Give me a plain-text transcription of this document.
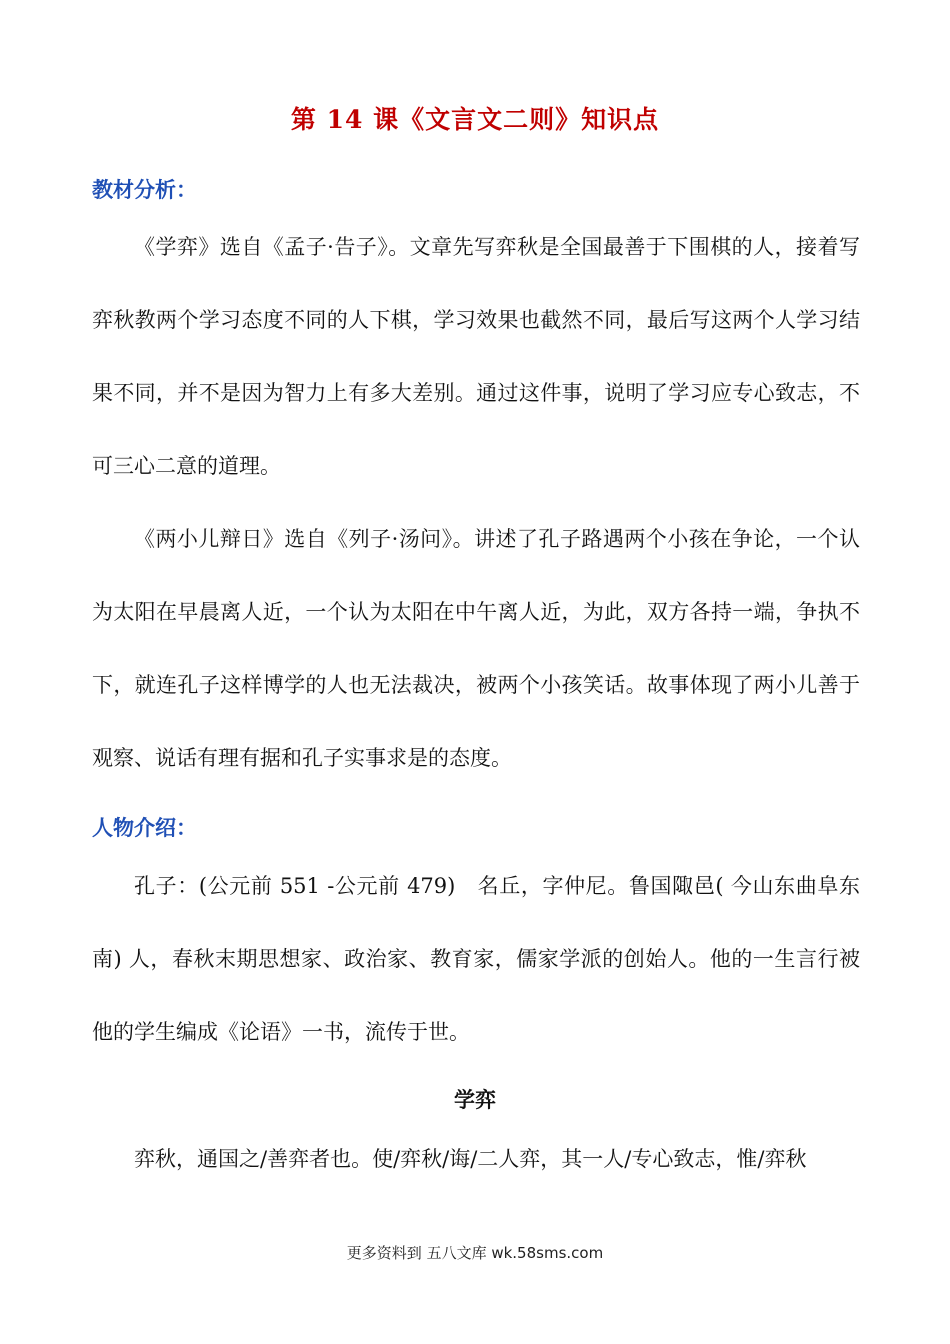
第 14 课《文言文二则》知识点
教材分析：
《学弈》选自《孟子·告子》。文章先写弈秋是全国最善于下围棋的人，接着写弈秋教两个学习态度不同的人下棋，学习效果也截然不同，最后写这两个人学习结果不同，并不是因为智力上有多大差别。通过这件事，说明了学习应专心致志，不可三心二意的道理。
《两小儿辩日》选自《列子·汤问》。讲述了孔子路遇两个小孩在争论，一个认为太阳在早晨离人近，一个认为太阳在中午离人近，为此，双方各持一端，争执不下，就连孔子这样博学的人也无法裁决，被两个小孩笑话。故事体现了两小儿善于观察、说话有理有据和孔子实事求是的态度。
人物介绍：
孔子：(公元前 551 -公元前 479)　名丘，字仲尼。鲁国陬邑( 今山东曲阜东南) 人，春秋末期思想家、政治家、教育家，儒家学派的创始人。他的一生言行被他的学生编成《论语》一书，流传于世。
学弈
弈秋，通国之/善弈者也。使/弈秋/诲/二人弈，其一人/专心致志，惟/弈秋
更多资料到 五八文库 wk.58sms.com
